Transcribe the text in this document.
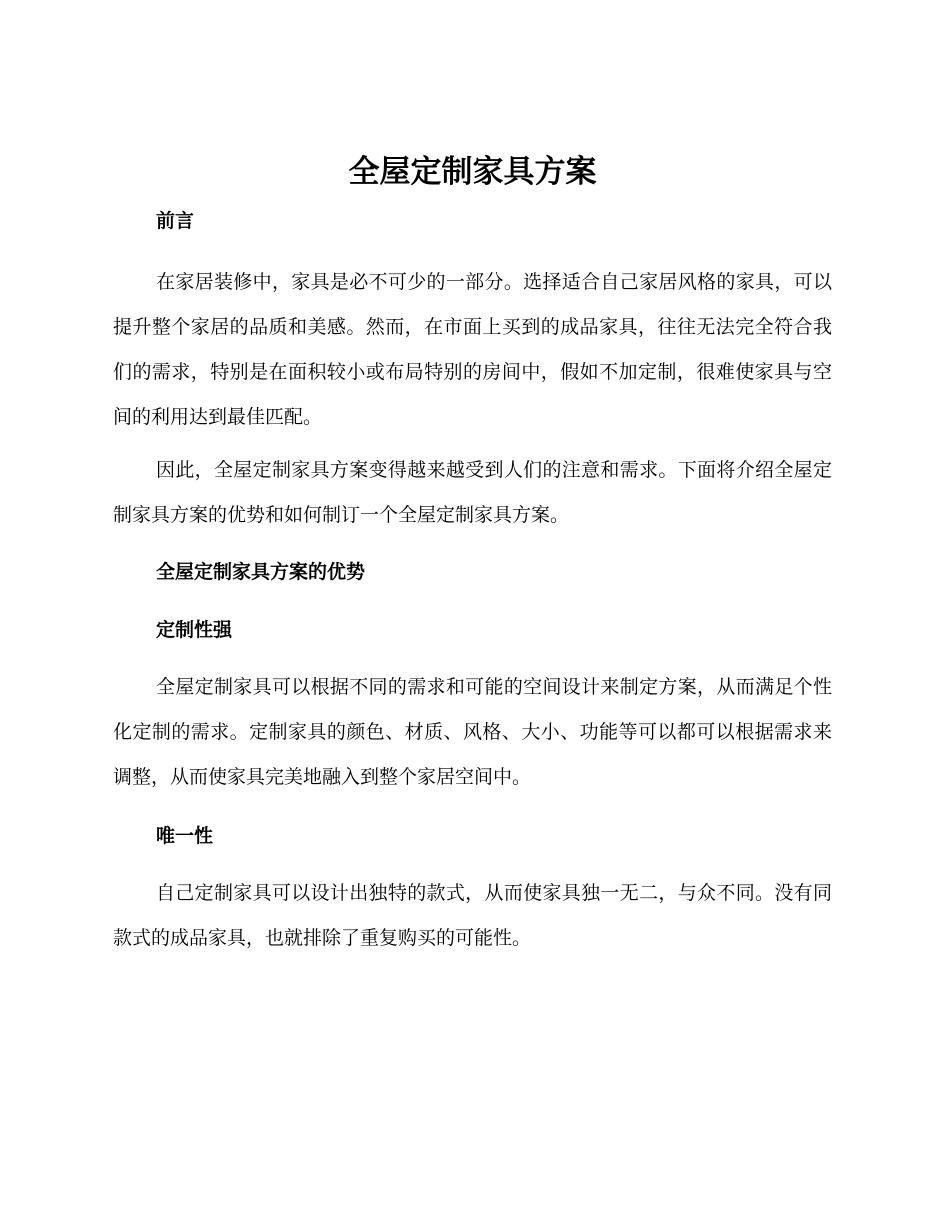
全屋定制家具方案
前言

在家居装修中，家具是必不可少的一部分。选择适合自己家居风格的家具，可以提升整个家居的品质和美感。然而，在市面上买到的成品家具，往往无法完全符合我们的需求，特别是在面积较小或布局特别的房间中，假如不加定制，很难使家具与空间的利用达到最佳匹配。

因此，全屋定制家具方案变得越来越受到人们的注意和需求。下面将介绍全屋定制家具方案的优势和如何制订一个全屋定制家具方案。

全屋定制家具方案的优势
定制性强

全屋定制家具可以根据不同的需求和可能的空间设计来制定方案，从而满足个性化定制的需求。定制家具的颜色、材质、风格、大小、功能等可以都可以根据需求来调整，从而使家具完美地融入到整个家居空间中。

唯一性

自己定制家具可以设计出独特的款式，从而使家具独一无二，与众不同。没有同款式的成品家具，也就排除了重复购买的可能性。
